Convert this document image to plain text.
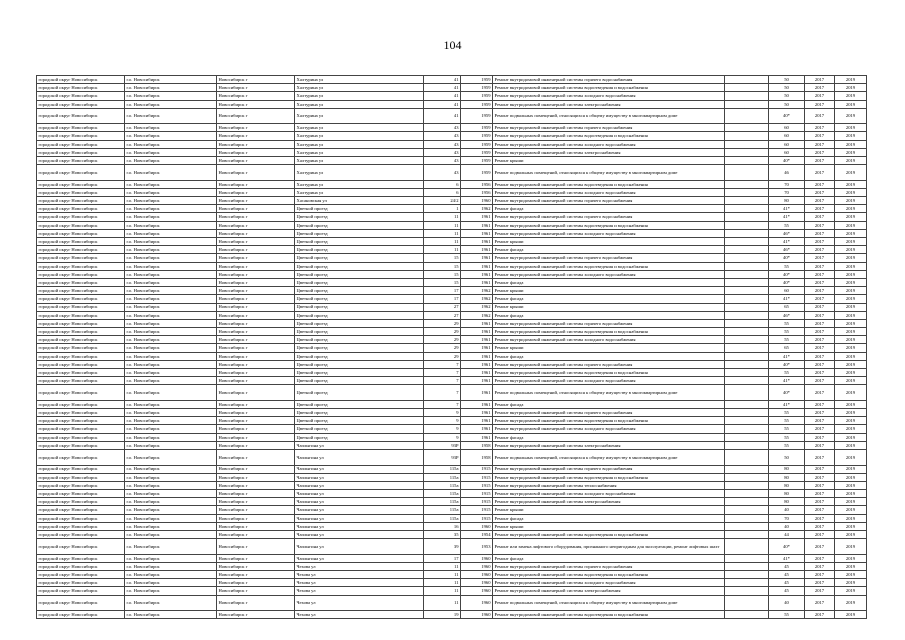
104
городской округ Новосибирск	г.о. Новосибирск	Новосибирск г	Халтурина ул	41	1959	Ремонт внутридомовой инженерной системы горячего водоснабжения		50	2017	2019
городской округ Новосибирск	г.о. Новосибирск	Новосибирск г	Халтурина ул	41	1959	Ремонт внутридомовой инженерной системы водоотведения и водоснабжения		50	2017	2019
городской округ Новосибирск	г.о. Новосибирск	Новосибирск г	Халтурина ул	41	1959	Ремонт внутридомовой инженерной системы холодного водоснабжения		50	2017	2019
городской округ Новосибирск	г.о. Новосибирск	Новосибирск г	Халтурина ул	41	1959	Ремонт внутридомовой инженерной системы электроснабжения		50	2017	2019
городской округ Новосибирск	г.о. Новосибирск	Новосибирск г	Халтурина ул	41	1959	Ремонт подвальных помещений, относящихся к общему имуществу в многоквартирном доме		40*	2017	2019
городской округ Новосибирск	г.о. Новосибирск	Новосибирск г	Халтурина ул	43	1959	Ремонт внутридомовой инженерной системы горячего водоснабжения		60	2017	2019
городской округ Новосибирск	г.о. Новосибирск	Новосибирск г	Халтурина ул	43	1959	Ремонт внутридомовой инженерной системы водоотведения и водоснабжения		60	2017	2019
городской округ Новосибирск	г.о. Новосибирск	Новосибирск г	Халтурина ул	43	1959	Ремонт внутридомовой инженерной системы холодного водоснабжения		60	2017	2019
городской округ Новосибирск	г.о. Новосибирск	Новосибирск г	Халтурина ул	43	1959	Ремонт внутридомовой инженерной системы электроснабжения		60	2017	2019
городской округ Новосибирск	г.о. Новосибирск	Новосибирск г	Халтурина ул	43	1959	Ремонт крыши		40*	2017	2019
городской округ Новосибирск	г.о. Новосибирск	Новосибирск г	Халтурина ул	43	1959	Ремонт подвальных помещений, относящихся к общему имуществу в многоквартирном доме		46	2017	2019
городской округ Новосибирск	г.о. Новосибирск	Новосибирск г	Халтурина ул	6	1956	Ремонт внутридомовой инженерной системы водоотведения и водоснабжения		70	2017	2019
городской округ Новосибирск	г.о. Новосибирск	Новосибирск г	Халтурина ул	6	1956	Ремонт внутридомовой инженерной системы холодного водоснабжения		70	2017	2019
городской округ Новосибирск	г.о. Новосибирск	Новосибирск г	Хасановская ул	24/2	1960	Ремонт внутридомовой инженерной системы горячего водоснабжения		80	2017	2019
городской округ Новосибирск	г.о. Новосибирск	Новосибирск г	Цветной проезд	1	1962	Ремонт фасада		41*	2017	2019
городской округ Новосибирск	г.о. Новосибирск	Новосибирск г	Цветной проезд	11	1961	Ремонт внутридомовой инженерной системы горячего водоснабжения		41*	2017	2019
городской округ Новосибирск	г.о. Новосибирск	Новосибирск г	Цветной проезд	11	1961	Ремонт внутридомовой инженерной системы водоотведения и водоснабжения		55	2017	2019
городской округ Новосибирск	г.о. Новосибирск	Новосибирск г	Цветной проезд	11	1961	Ремонт внутридомовой инженерной системы холодного водоснабжения		46*	2017	2019
городской округ Новосибирск	г.о. Новосибирск	Новосибирск г	Цветной проезд	11	1961	Ремонт крыши		41*	2017	2019
городской округ Новосибирск	г.о. Новосибирск	Новосибирск г	Цветной проезд	11	1961	Ремонт фасада		46*	2017	2019
городской округ Новосибирск	г.о. Новосибирск	Новосибирск г	Цветной проезд	15	1961	Ремонт внутридомовой инженерной системы горячего водоснабжения		40*	2017	2019
городской округ Новосибирск	г.о. Новосибирск	Новосибирск г	Цветной проезд	15	1961	Ремонт внутридомовой инженерной системы водоотведения и водоснабжения		55	2017	2019
городской округ Новосибирск	г.о. Новосибирск	Новосибирск г	Цветной проезд	15	1961	Ремонт внутридомовой инженерной системы холодного водоснабжения		40*	2017	2019
городской округ Новосибирск	г.о. Новосибирск	Новосибирск г	Цветной проезд	15	1961	Ремонт фасада		40*	2017	2019
городской округ Новосибирск	г.о. Новосибирск	Новосибирск г	Цветной проезд	17	1962	Ремонт крыши		60	2017	2019
городской округ Новосибирск	г.о. Новосибирск	Новосибирск г	Цветной проезд	17	1962	Ремонт фасада		41*	2017	2019
городской округ Новосибирск	г.о. Новосибирск	Новосибирск г	Цветной проезд	27	1962	Ремонт крыши		65	2017	2019
городской округ Новосибирск	г.о. Новосибирск	Новосибирск г	Цветной проезд	27	1962	Ремонт фасада		46*	2017	2019
городской округ Новосибирск	г.о. Новосибирск	Новосибирск г	Цветной проезд	29	1961	Ремонт внутридомовой инженерной системы горячего водоснабжения		55	2017	2019
городской округ Новосибирск	г.о. Новосибирск	Новосибирск г	Цветной проезд	29	1961	Ремонт внутридомовой инженерной системы водоотведения и водоснабжения		55	2017	2019
городской округ Новосибирск	г.о. Новосибирск	Новосибирск г	Цветной проезд	29	1961	Ремонт внутридомовой инженерной системы холодного водоснабжения		55	2017	2019
городской округ Новосибирск	г.о. Новосибирск	Новосибирск г	Цветной проезд	29	1961	Ремонт крыши		65	2017	2019
городской округ Новосибирск	г.о. Новосибирск	Новосибирск г	Цветной проезд	29	1961	Ремонт фасада		41*	2017	2019
городской округ Новосибирск	г.о. Новосибирск	Новосибирск г	Цветной проезд	7	1961	Ремонт внутридомовой инженерной системы горячего водоснабжения		40*	2017	2019
городской округ Новосибирск	г.о. Новосибирск	Новосибирск г	Цветной проезд	7	1961	Ремонт внутридомовой инженерной системы водоотведения и водоснабжения		55	2017	2019
городской округ Новосибирск	г.о. Новосибирск	Новосибирск г	Цветной проезд	7	1961	Ремонт внутридомовой инженерной системы холодного водоснабжения		41*	2017	2019
городской округ Новосибирск	г.о. Новосибирск	Новосибирск г	Цветной проезд	7	1961	Ремонт подвальных помещений, относящихся к общему имуществу в многоквартирном доме		40*	2017	2019
городской округ Новосибирск	г.о. Новосибирск	Новосибирск г	Цветной проезд	7	1961	Ремонт фасада		41*	2017	2019
городской округ Новосибирск	г.о. Новосибирск	Новосибирск г	Цветной проезд	9	1961	Ремонт внутридомовой инженерной системы горячего водоснабжения		55	2017	2019
городской округ Новосибирск	г.о. Новосибирск	Новосибирск г	Цветной проезд	9	1961	Ремонт внутридомовой инженерной системы водоотведения и водоснабжения		55	2017	2019
городской округ Новосибирск	г.о. Новосибирск	Новосибирск г	Цветной проезд	9	1961	Ремонт внутридомовой инженерной системы холодного водоснабжения		55	2017	2019
городской округ Новосибирск	г.о. Новосибирск	Новосибирск г	Цветной проезд	9	1961	Ремонт фасада		55	2017	2019
городской округ Новосибирск	г.о. Новосибирск	Новосибирск г	Чаплыгина ул	93Р	1958	Ремонт внутридомовой инженерной системы электроснабжения		55	2017	2019
городской округ Новосибирск	г.о. Новосибирск	Новосибирск г	Чаплыгина ул	93Р	1958	Ремонт подвальных помещений, относящихся к общему имуществу в многоквартирном доме		50	2017	2019
городской округ Новосибирск	г.о. Новосибирск	Новосибирск г	Чаплыгина ул	115а	1915	Ремонт внутридомовой инженерной системы горячего водоснабжения		80	2017	2019
городской округ Новосибирск	г.о. Новосибирск	Новосибирск г	Чаплыгина ул	115а	1915	Ремонт внутридомовой инженерной системы водоотведения и водоснабжения		80	2017	2019
городской округ Новосибирск	г.о. Новосибирск	Новосибирск г	Чаплыгина ул	115а	1915	Ремонт внутридомовой инженерной системы теплоснабжения		80	2017	2019
городской округ Новосибирск	г.о. Новосибирск	Новосибирск г	Чаплыгина ул	115а	1915	Ремонт внутридомовой инженерной системы холодного водоснабжения		80	2017	2019
городской округ Новосибирск	г.о. Новосибирск	Новосибирск г	Чаплыгина ул	115а	1915	Ремонт внутридомовой инженерной системы электроснабжения		80	2017	2019
городской округ Новосибирск	г.о. Новосибирск	Новосибирск г	Чаплыгина ул	115а	1915	Ремонт крыши		40	2017	2019
городской округ Новосибирск	г.о. Новосибирск	Новосибирск г	Чаплыгина ул	115а	1915	Ремонт фасада		70	2017	2019
городской округ Новосибирск	г.о. Новосибирск	Новосибирск г	Чаплыгина ул	16	1960	Ремонт крыши		40	2017	2019
городской округ Новосибирск	г.о. Новосибирск	Новосибирск г	Чаплыгина ул	35	1954	Ремонт внутридомовой инженерной системы водоотведения и водоснабжения		44	2017	2019
городской округ Новосибирск	г.о. Новосибирск	Новосибирск г	Чаплыгина ул	39	1953	Ремонт или замена лифтового оборудования, признанного непригодным для эксплуатации, ремонт лифтовых шахт		40*	2017	2019
городской округ Новосибирск	г.о. Новосибирск	Новосибирск г	Чаплыгина ул	17	1960	Ремонт фасада		41*	2017	2019
городской округ Новосибирск	г.о. Новосибирск	Новосибирск г	Чехова ул	11	1960	Ремонт внутридомовой инженерной системы горячего водоснабжения		45	2017	2019
городской округ Новосибирск	г.о. Новосибирск	Новосибирск г	Чехова ул	11	1960	Ремонт внутридомовой инженерной системы водоотведения и водоснабжения		45	2017	2019
городской округ Новосибирск	г.о. Новосибирск	Новосибирск г	Чехова ул	11	1960	Ремонт внутридомовой инженерной системы холодного водоснабжения		45	2017	2019
городской округ Новосибирск	г.о. Новосибирск	Новосибирск г	Чехова ул	11	1960	Ремонт внутридомовой инженерной системы электроснабжения		45	2017	2019
городской округ Новосибирск	г.о. Новосибирск	Новосибирск г	Чехова ул	11	1960	Ремонт подвальных помещений, относящихся к общему имуществу в многоквартирном доме		40	2017	2019
городской округ Новосибирск	г.о. Новосибирск	Новосибирск г	Чехова ул	19	1960	Ремонт внутридомовой инженерной системы водоотведения и водоснабжения		55	2017	2019
